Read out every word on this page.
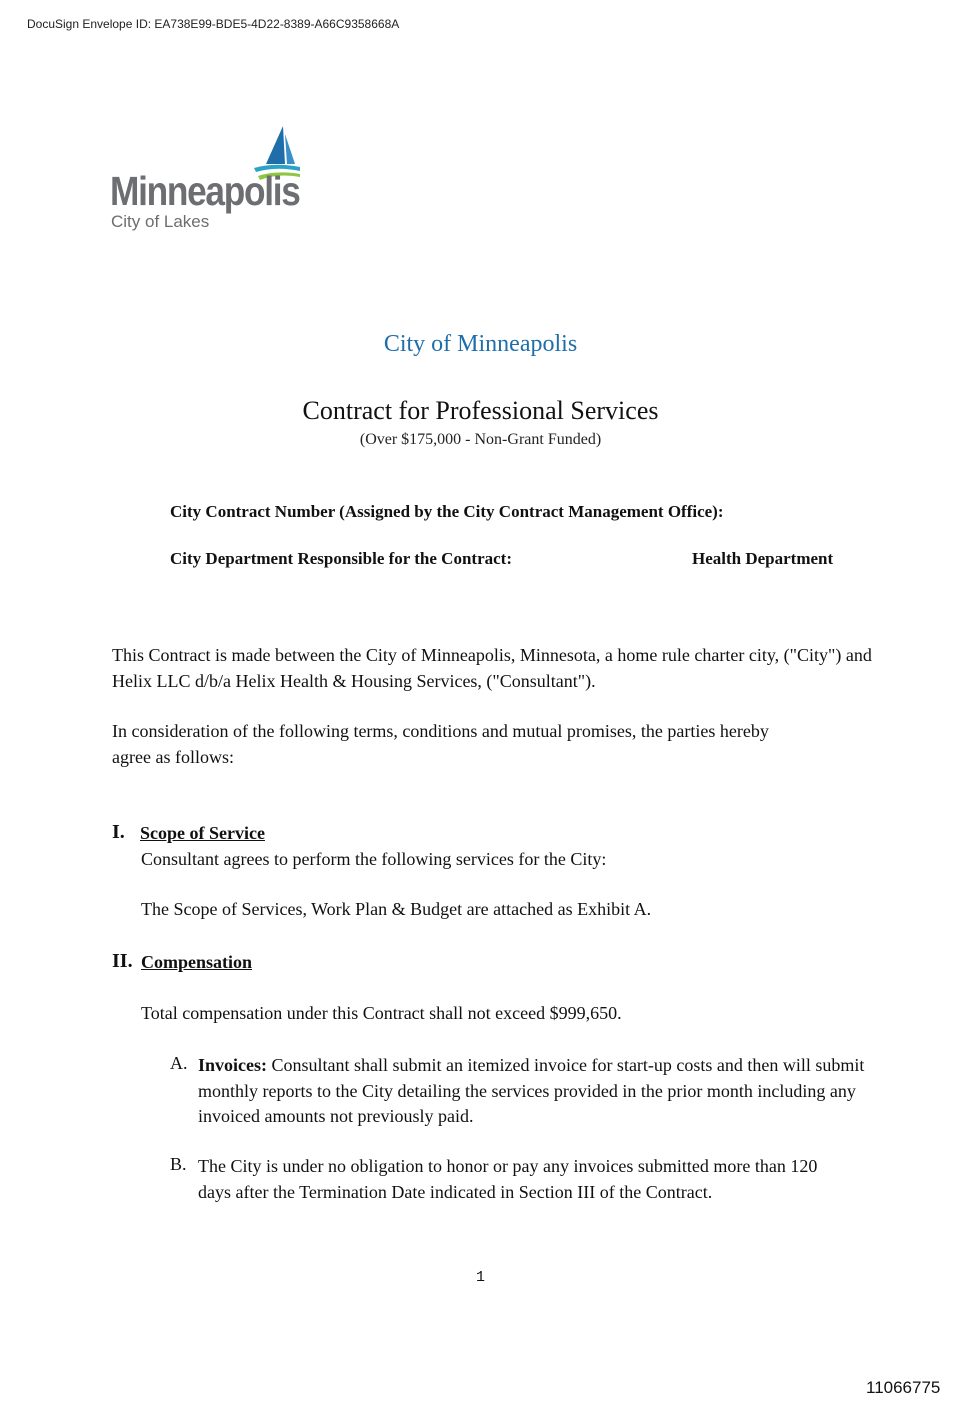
DocuSign Envelope ID: EA738E99-BDE5-4D22-8389-A66C9358668A
Minneapolis
City of Lakes
City of Minneapolis
Contract for Professional Services
(Over $175,000 - Non-Grant Funded)
City Contract Number (Assigned by the City Contract Management Office):
City Department Responsible for the Contract:	Health Department
This Contract is made between the City of Minneapolis, Minnesota, a home rule charter city, ("City") and Helix LLC d/b/a Helix Health & Housing Services, ("Consultant").
In consideration of the following terms, conditions and mutual promises, the parties hereby agree as follows:
I. Scope of Service
Consultant agrees to perform the following services for the City:
The Scope of Services, Work Plan & Budget are attached as Exhibit A.
II. Compensation
Total compensation under this Contract shall not exceed $999,650.
A. Invoices: Consultant shall submit an itemized invoice for start-up costs and then will submit monthly reports to the City detailing the services provided in the prior month including any invoiced amounts not previously paid.
B. The City is under no obligation to honor or pay any invoices submitted more than 120 days after the Termination Date indicated in Section III of the Contract.
1
11066775
